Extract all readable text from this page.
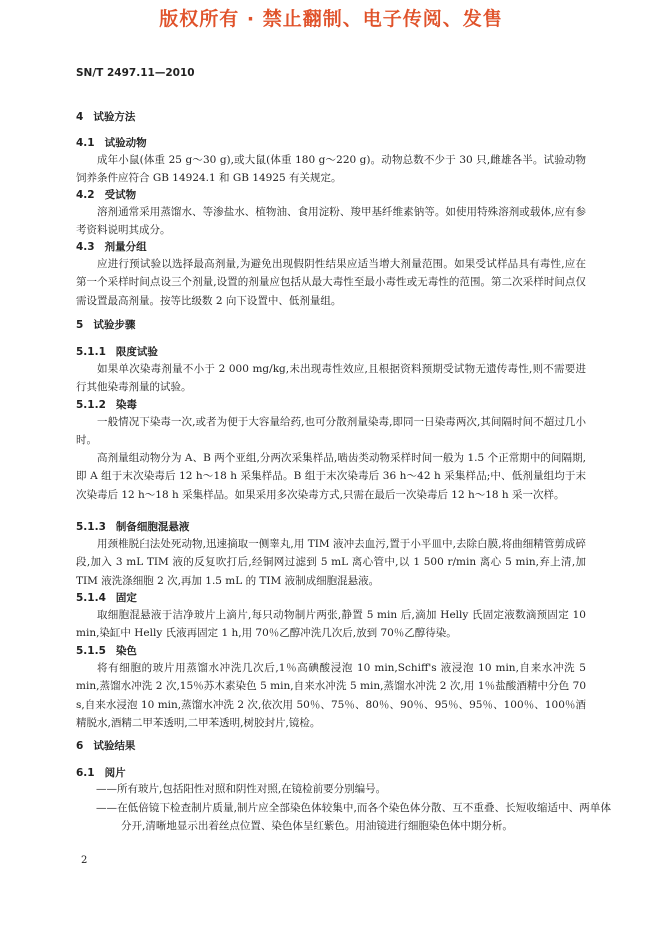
版权所有 · 禁止翻制、电子传阅、发售
SN/T 2497.11—2010
4 试验方法
4.1 试验动物
成年小鼠(体重 25 g～30 g),或大鼠(体重 180 g～220 g)。动物总数不少于 30 只,雌雄各半。试验动物饲养条件应符合 GB 14924.1 和 GB 14925 有关规定。
4.2 受试物
溶剂通常采用蒸馏水、等渗盐水、植物油、食用淀粉、羧甲基纤维素钠等。如使用特殊溶剂或载体,应有参考资料说明其成分。
4.3 剂量分组
应进行预试验以选择最高剂量,为避免出现假阴性结果应适当增大剂量范围。如果受试样品具有毒性,应在第一个采样时间点设三个剂量,设置的剂量应包括从最大毒性至最小毒性或无毒性的范围。第二次采样时间点仅需设置最高剂量。按等比级数 2 向下设置中、低剂量组。
5 试验步骤
5.1.1 限度试验
如果单次染毒剂量不小于 2 000 mg/kg,未出现毒性效应,且根据资料预期受试物无遗传毒性,则不需要进行其他染毒剂量的试验。
5.1.2 染毒
一般情况下染毒一次,或者为便于大容量给药,也可分散剂量染毒,即同一日染毒两次,其间隔时间不超过几小时。
高剂量组动物分为 A、B 两个亚组,分两次采集样品,啮齿类动物采样时间一般为 1.5 个正常期中的间隔期,即 A 组于末次染毒后 12 h～18 h 采集样品。B 组于末次染毒后 36 h～42 h 采集样品;中、低剂量组均于末次染毒后 12 h～18 h 采集样品。如果采用多次染毒方式,只需在最后一次染毒后 12 h～18 h 采一次样。
5.1.3 制备细胞混悬液
用颈椎脱臼法处死动物,迅速摘取一侧睾丸,用 TIM 液冲去血污,置于小平皿中,去除白膜,将曲细精管剪成碎段,加入 3 mL TIM 液的反复吹打后,经铜网过滤到 5 mL 离心管中,以 1 500 r/min 离心 5 min,弃上清,加 TIM 液洗涤细胞 2 次,再加 1.5 mL 的 TIM 液制成细胞混悬液。
5.1.4 固定
取细胞混悬液于洁净玻片上滴片,每只动物制片两张,静置 5 min 后,滴加 Helly 氏固定液数滴预固定 10 min,染缸中 Helly 氏液再固定 1 h,用 70％乙醇冲洗几次后,放到 70％乙醇待染。
5.1.5 染色
将有细胞的玻片用蒸馏水冲洗几次后,1％高碘酸浸泡 10 min,Schiff's 液浸泡 10 min,自来水冲洗 5 min,蒸馏水冲洗 2 次,15％苏木素染色 5 min,自来水冲洗 5 min,蒸馏水冲洗 2 次,用 1％盐酸酒精中分色 70 s,自来水浸泡 10 min,蒸馏水冲洗 2 次,依次用 50％、75％、80％、90％、95％、95％、100％、100％酒精脱水,酒精二甲苯透明,二甲苯透明,树胶封片,镜检。
6 试验结果
6.1 阅片
——所有玻片,包括阳性对照和阴性对照,在镜检前要分别编号。
——在低倍镜下检查制片质量,制片应全部染色体较集中,而各个染色体分散、互不重叠、长短收缩适中、两单体分开,清晰地显示出着丝点位置、染色体呈红紫色。用油镜进行细胞染色体中期分析。
2
